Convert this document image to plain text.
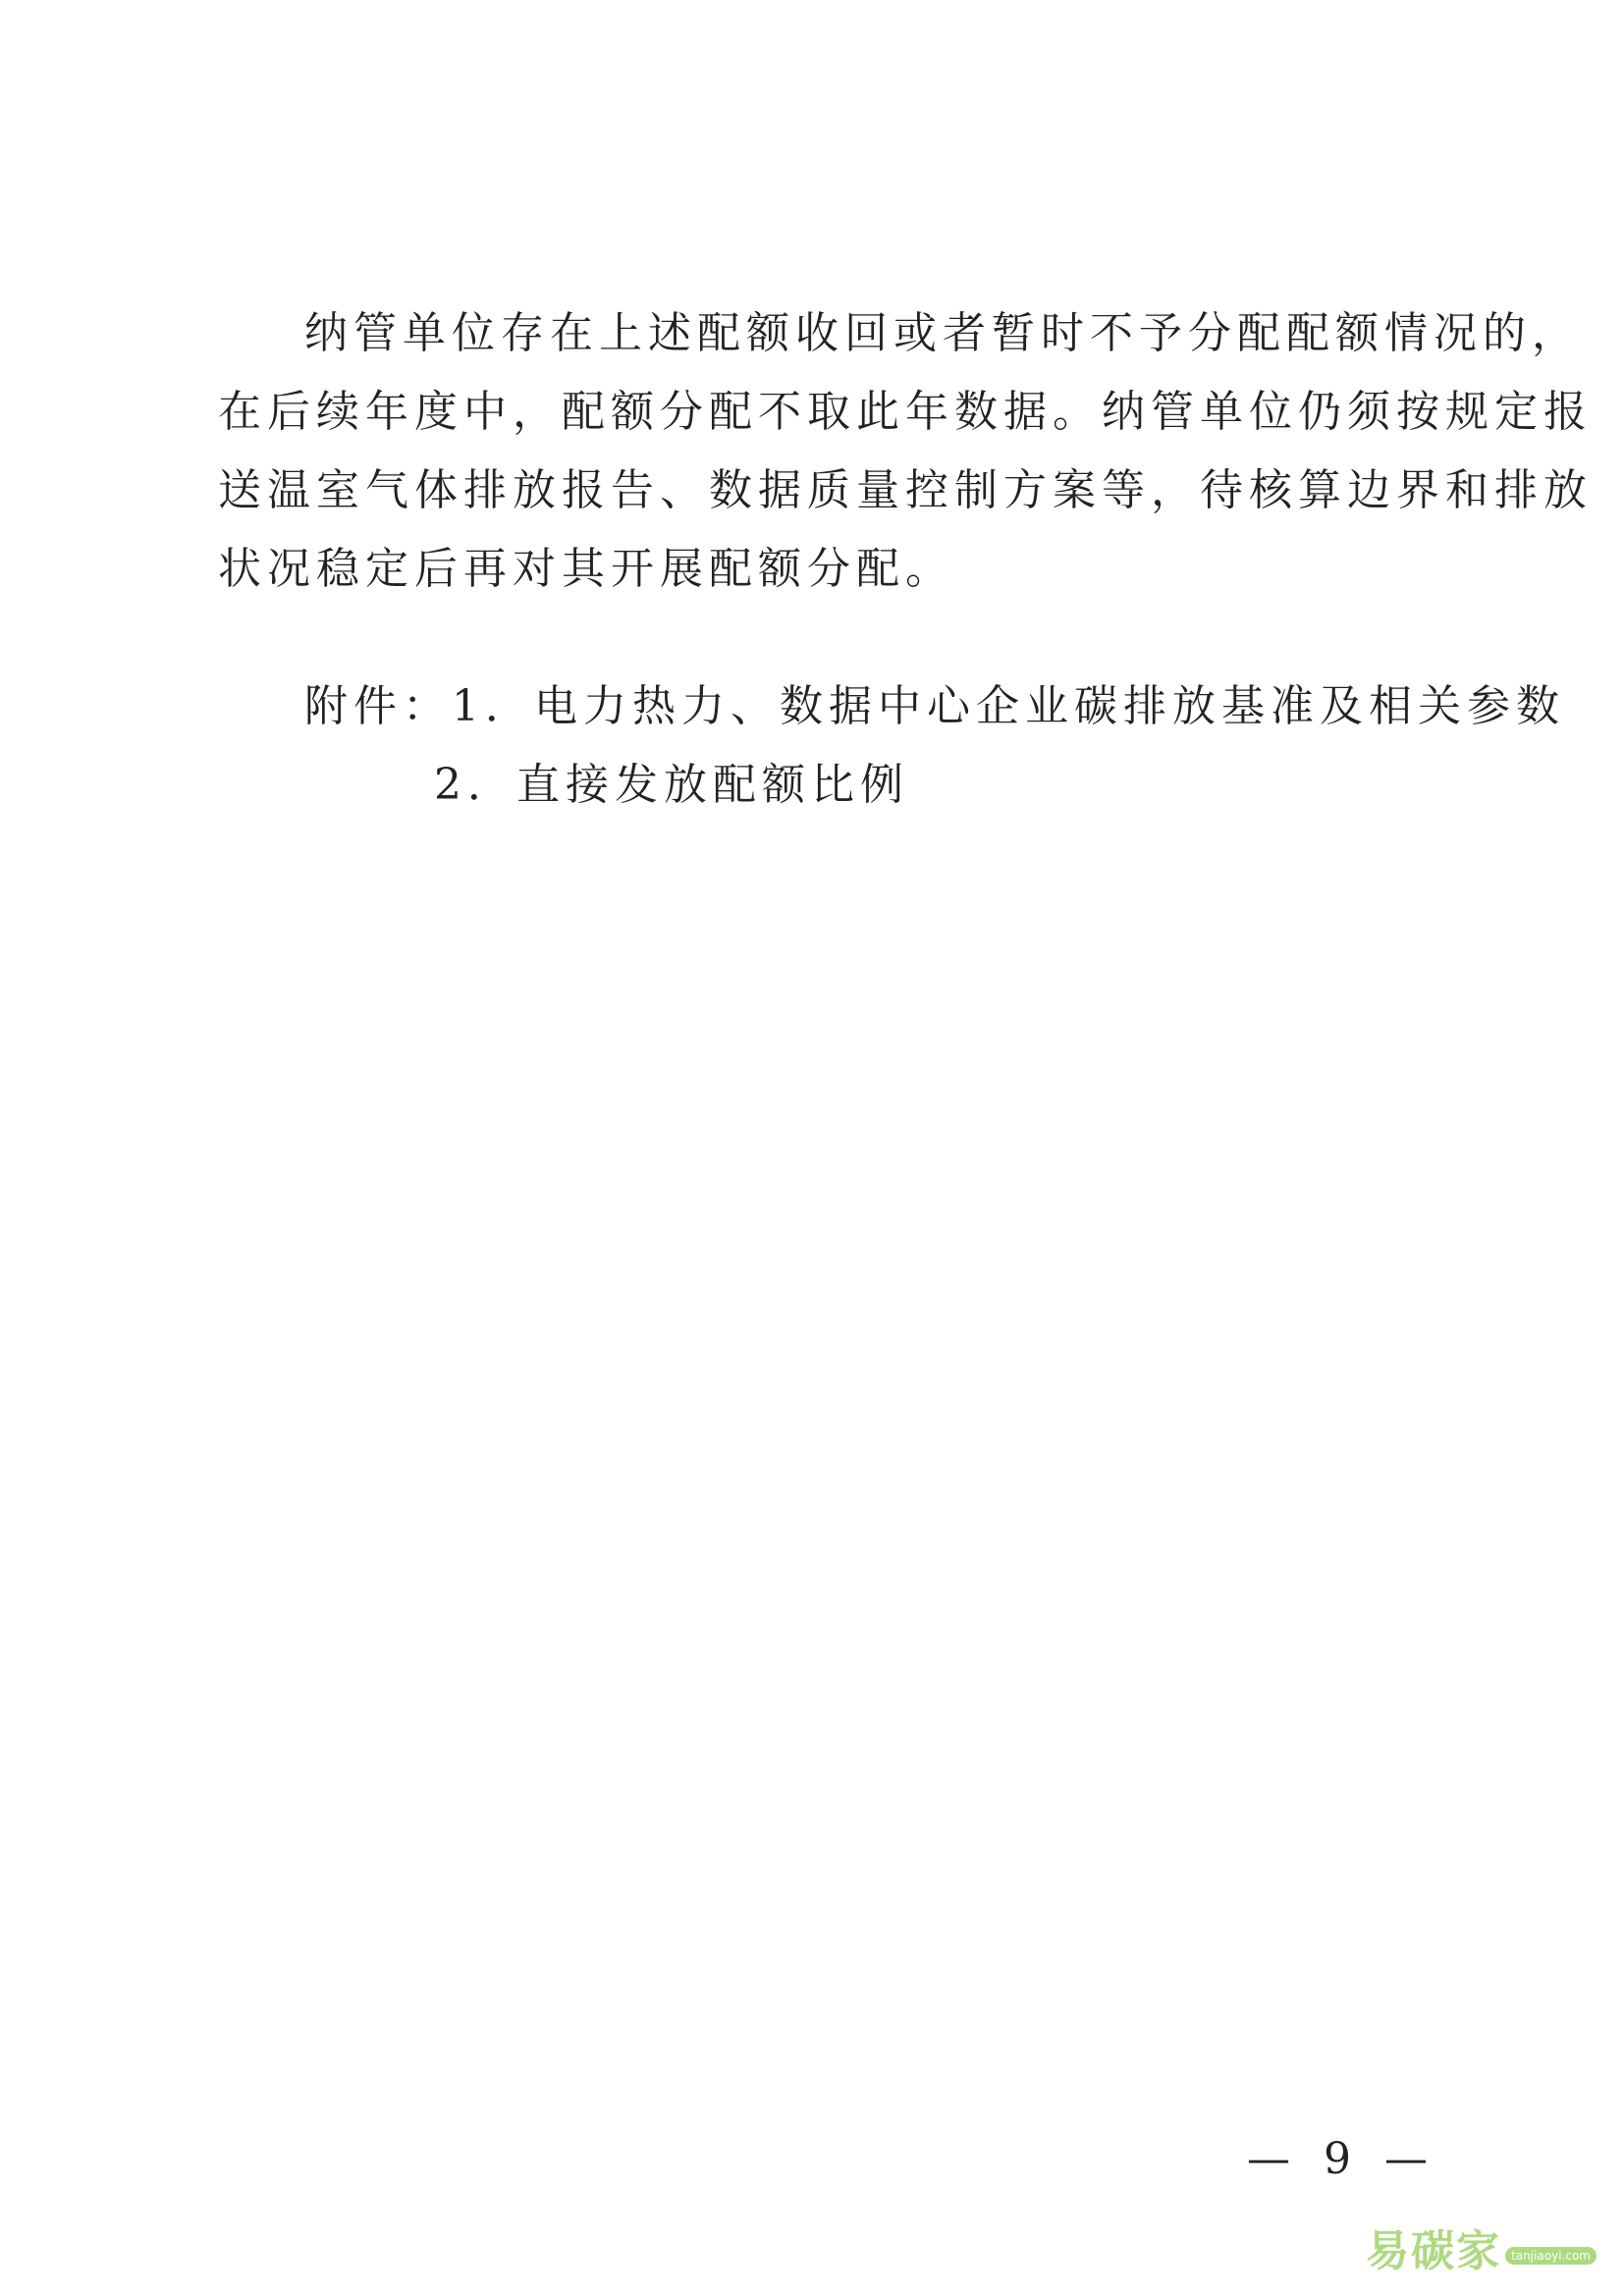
纳管单位存在上述配额收回或者暂时不予分配配额情况的，
在后续年度中，配额分配不取此年数据。纳管单位仍须按规定报
送温室气体排放报告、数据质量控制方案等，待核算边界和排放
状况稳定后再对其开展配额分配。
附件： 1．电力热力、数据中心企业碳排放基准及相关参数
2．直接发放配额比例
— 9 —
易碳家 tanjiaoyi.com
